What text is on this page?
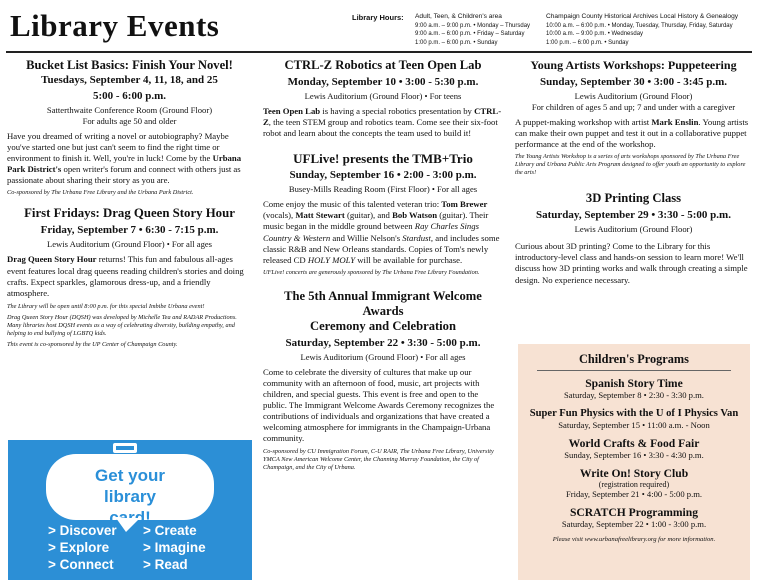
Library Events	Library Hours: Adult, Teen, & Children's area
9:00 a.m. – 9:00 p.m. • Monday – Thursday
9:00 a.m. – 6:00 p.m. • Friday – Saturday
1:00 p.m. – 6:00 p.m. • Sunday
Champaign County Historical Archives Local History & Genealogy
10:00 a.m. – 6:00 p.m. • Monday, Tuesday, Thursday, Friday, Saturday
10:00 a.m. – 9:00 p.m. • Wednesday
1:00 p.m. – 6:00 p.m. • Sunday
Bucket List Basics: Finish Your Novel!
Tuesdays, September 4, 11, 18, and 25
5:00 - 6:00 p.m.
Satterthwaite Conference Room (Ground Floor)
For adults age 50 and older
Have you dreamed of writing a novel or autobiography? Maybe you've started one but just can't seem to find the right time or environment to finish it. Well, you're in luck! Come by the Urbana Park District's open writer's forum and connect with others just as passionate about sharing their story as you are.
Co-sponsored by The Urbana Free Library and the Urbana Park District.
First Fridays: Drag Queen Story Hour
Friday, September 7 • 6:30 - 7:15 p.m.
Lewis Auditorium (Ground Floor) • For all ages
Drag Queen Story Hour returns! This fun and fabulous all-ages event features local drag queens reading children's stories and doing crafts. Expect sparkles, glamorous dress-up, and a friendly atmosphere.
The Library will be open until 8:00 p.m. for this special Imbibe Urbana event!
Drag Queen Story Hour (DQSH) was developed by Michelle Tea and RADAR Productions. Many libraries host DQSH events as a way of celebrating diversity, building empathy, and helping to end bullying of LGBTQ kids.
This event is co-sponsored by the UP Center of Champaign County.
Get your
library
card!
> Discover > Create
> Explore	> Imagine
> Connect > Read
CTRL-Z Robotics at Teen Open Lab
Monday, September 10 • 3:00 - 5:30 p.m.
Lewis Auditorium (Ground Floor) • For teens
Teen Open Lab is having a special robotics presentation by CTRL-Z, the teen STEM group and robotics team. Come see their six-foot robot and learn about the concepts the team used to build it!
UFLive! presents the TMB+Trio
Sunday, September 16 • 2:00 - 3:00 p.m.
Busey-Mills Reading Room (First Floor) • For all ages
Come enjoy the music of this talented veteran trio: Tom Brewer (vocals), Matt Stewart (guitar), and Bob Watson (guitar). Their music began in the middle ground between Ray Charles Sings Country & Western and Willie Nelson's Stardust, and includes some classic R&B and New Orleans standards. Copies of Tom's newly released CD HOLY MOLY will be available for purchase.
UFLive! concerts are generously sponsored by The Urbana Free Library Foundation.
The 5th Annual Immigrant Welcome Awards
Ceremony and Celebration
Saturday, September 22 • 3:30 - 5:00 p.m.
Lewis Auditorium (Ground Floor) • For all ages
Come to celebrate the diversity of cultures that make up our community with an afternoon of food, music, art projects with children, and special guests. This event is free and open to the public. The Immigrant Welcome Awards Ceremony recognizes the contributions of individuals and organizations that have created a welcoming atmosphere for immigrants in the Champaign-Urbana community.
Co-sponsored by CU Immigration Forum, C-U RAIR, The Urbana Free Library, University YMCA New American Welcome Center, the Channing Murray Foundation, the City of Champaign, and the City of Urbana.
Young Artists Workshops: Puppeteering
Sunday, September 30 • 3:00 - 3:45 p.m.
Lewis Auditorium (Ground Floor)
For children of ages 5 and up; 7 and under with a caregiver
A puppet-making workshop with artist Mark Enslin. Young artists can make their own puppet and test it out in a collaborative puppet performance at the end of the workshop.
The Young Artists Workshop is a series of arts workshops sponsored by The Urbana Free Library and Urbana Public Arts Program designed to offer youth an opportunity to explore the arts!
3D Printing Class
Saturday, September 29 • 3:30 - 5:00 p.m.
Lewis Auditorium (Ground Floor)
Curious about 3D printing? Come to the Library for this introductory-level class and hands-on session to learn more! We'll discuss how 3D printing works and walk through creating a simple design. No experience necessary.
Children's Programs
Spanish Story Time
Saturday, September 8 • 2:30 - 3:30 p.m.
Super Fun Physics with the U of I Physics Van
Saturday, September 15 • 11:00 a.m. - Noon
World Crafts & Food Fair
Sunday, September 16 • 3:30 - 4:30 p.m.
Write On! Story Club
(registration required)
Friday, September 21 • 4:00 - 5:00 p.m.
SCRATCH Programming
Saturday, September 22 • 1:00 - 3:00 p.m.
Please visit www.urbanafreelibrary.org for more information.
